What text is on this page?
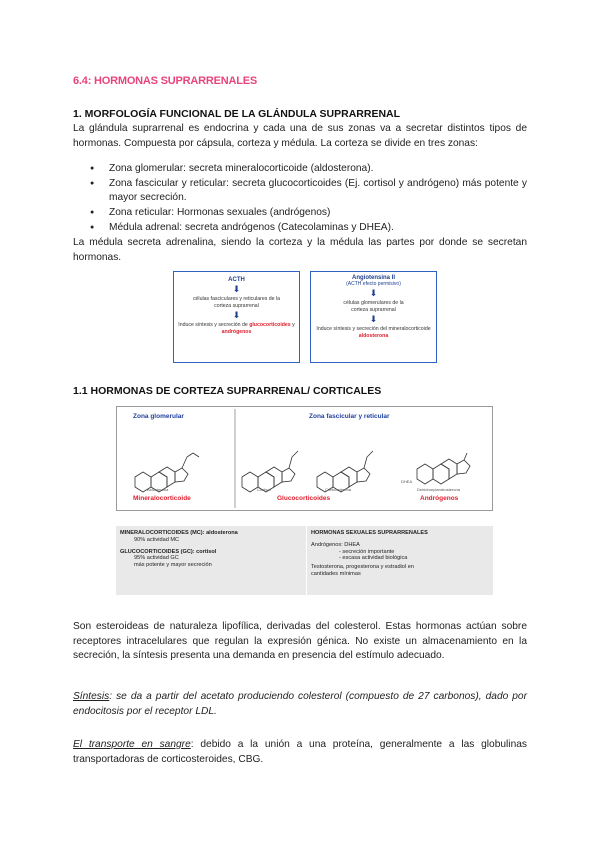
6.4: HORMONAS SUPRARRENALES
1. MORFOLOGÍA FUNCIONAL DE LA GLÁNDULA SUPRARRENAL

La glándula suprarrenal es endocrina y cada una de sus zonas va a secretar distintos tipos de hormonas. Compuesta por cápsula, corteza y médula. La corteza se divide en tres zonas:

● Zona glomerular: secreta mineralocorticoide (aldosterona).
● Zona fascicular y reticular: secreta glucocorticoides (Ej. cortisol y andrógeno) más potente y mayor secreción.
● Zona reticular: Hormonas sexuales (andrógenos)
● Médula adrenal: secreta andrógenos (Catecolaminas y DHEA).

La médula secreta adrenalina, siendo la corteza y la médula las partes por donde se secretan hormonas.

ACTH
⬇
células fasciculares y reticulares de la corteza suprarrenal
⬇
Induce síntesis y secreción de glucocorticoides y andrógenos
Angiotensina II
(ACTH efecto permisivo)
⬇
células glomerulares de la corteza suprarrenal
⬇
Induce síntesis y secreción del mineralocorticoide aldosterona
1.1 HORMONAS DE CORTEZA SUPRARRENAL/ CORTICALES
Zona glomerular	Zona fascicular y reticular
Aldosterona	Cortisol	Corticosterona
DHEA
Dehidroepiandrosterona
Mineralocorticoide	Glucocorticoides	Andrógenos
MINERALOCORTICOIDES (MC): aldosterona
90% actividad MC
GLUCOCORTICOIDES (GC): cortisol
95% actividad GC
más potente y mayor secreción
HORMONAS SEXUALES SUPRARRENALES
Andrógenos: DHEA
- secreción importante
- escasa actividad biológica
Testosterona, progesterona y estradiol en
cantidades mínimas

Son esteroideas de naturaleza lipofílica, derivadas del colesterol. Estas hormonas actúan sobre receptores intracelulares que regulan la expresión génica. No existe un almacenamiento en la secreción, la síntesis presenta una demanda en presencia del estímulo adecuado.

Síntesis: se da a partir del acetato produciendo colesterol (compuesto de 27 carbonos), dado por endocitosis por el receptor LDL.

El transporte en sangre: debido a la unión a una proteína, generalmente a las globulinas transportadoras de corticosteroides, CBG.
